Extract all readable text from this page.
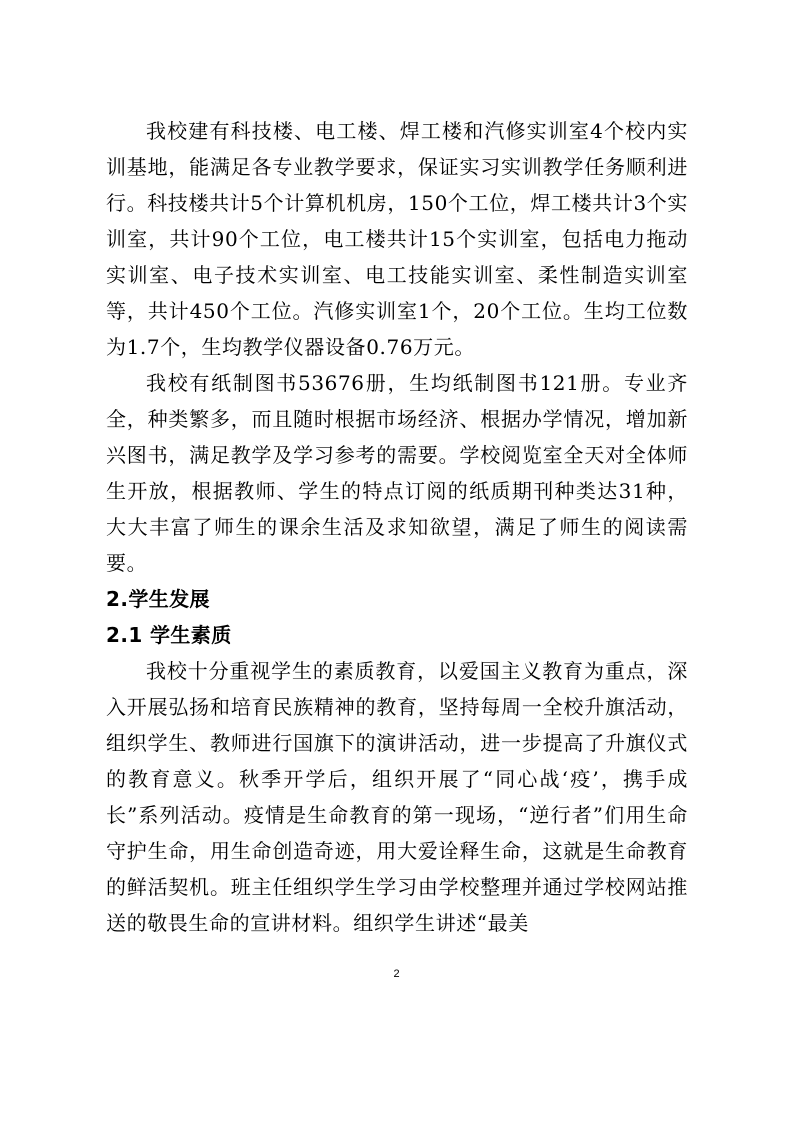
我校建有科技楼、电工楼、焊工楼和汽修实训室4个校内实训基地，能满足各专业教学要求，保证实习实训教学任务顺利进行。科技楼共计5个计算机机房，150个工位，焊工楼共计3个实训室，共计90个工位，电工楼共计15个实训室，包括电力拖动实训室、电子技术实训室、电工技能实训室、柔性制造实训室等，共计450个工位。汽修实训室1个，20个工位。生均工位数为1.7个，生均教学仪器设备0.76万元。

我校有纸制图书53676册，生均纸制图书121册。专业齐全，种类繁多，而且随时根据市场经济、根据办学情况，增加新兴图书，满足教学及学习参考的需要。学校阅览室全天对全体师生开放，根据教师、学生的特点订阅的纸质期刊种类达31种，大大丰富了师生的课余生活及求知欲望，满足了师生的阅读需要。

2.学生发展
2.1 学生素质

我校十分重视学生的素质教育，以爱国主义教育为重点，深入开展弘扬和培育民族精神的教育，坚持每周一全校升旗活动，组织学生、教师进行国旗下的演讲活动，进一步提高了升旗仪式的教育意义。秋季开学后，组织开展了“同心战‘疫’，携手成长”系列活动。疫情是生命教育的第一现场，“逆行者”们用生命守护生命，用生命创造奇迹，用大爱诠释生命，这就是生命教育的鲜活契机。班主任组织学生学习由学校整理并通过学校网站推送的敬畏生命的宣讲材料。组织学生讲述“最美

2
